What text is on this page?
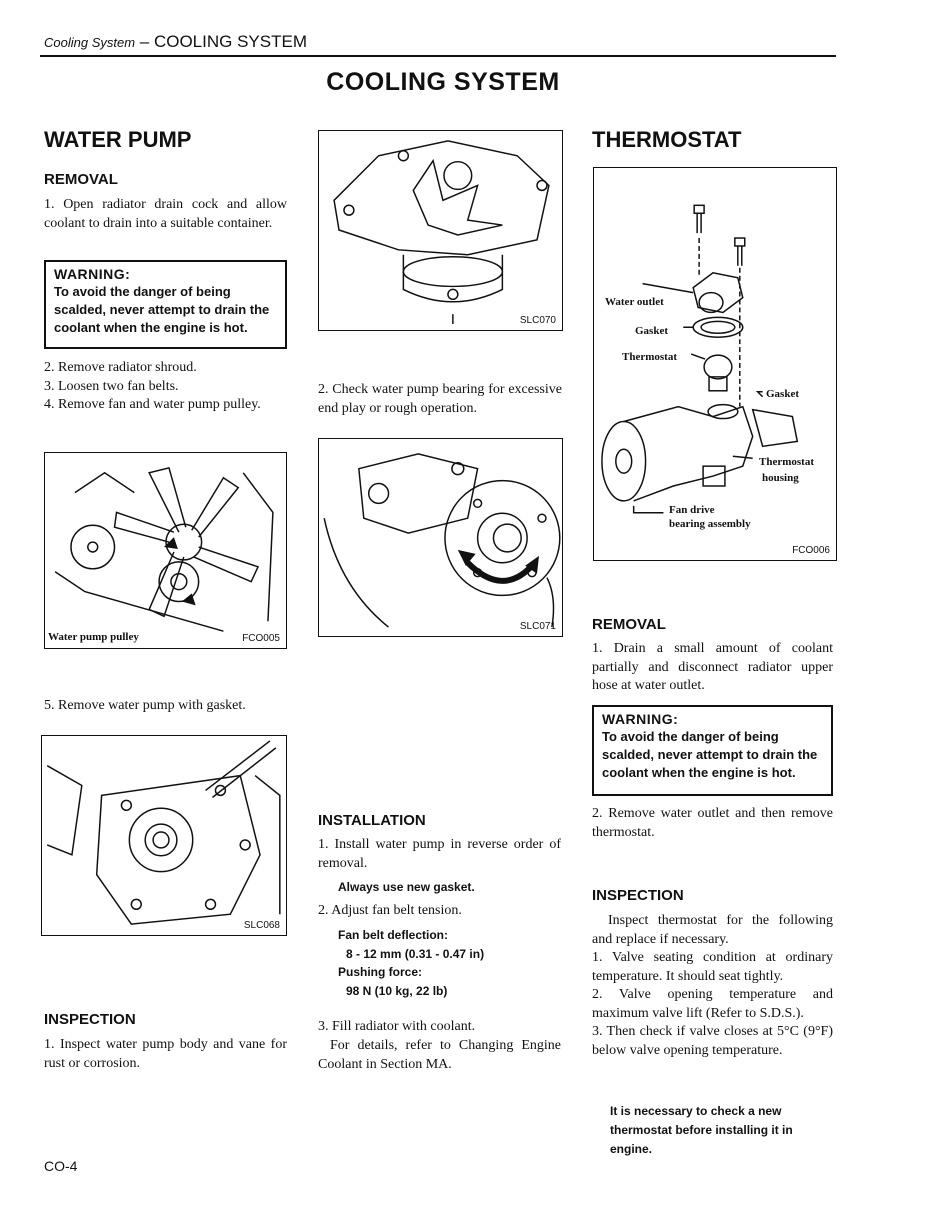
Cooling System – COOLING SYSTEM
COOLING SYSTEM
WATER PUMP
REMOVAL
1. Open radiator drain cock and allow coolant to drain into a suitable container.
WARNING:
To avoid the danger of being scalded, never attempt to drain the coolant when the engine is hot.
2. Remove radiator shroud.
3. Loosen two fan belts.
4. Remove fan and water pump pulley.
Water pump pulley	FCO005
5. Remove water pump with gasket.
SLC068
INSPECTION
1. Inspect water pump body and vane for rust or corrosion.
CO-4
SLC070
2. Check water pump bearing for excessive end play or rough operation.
SLC071
INSTALLATION
1. Install water pump in reverse order of removal.
Always use new gasket.
2. Adjust fan belt tension.
Fan belt deflection:
8 - 12 mm (0.31 - 0.47 in)
Pushing force:
98 N (10 kg, 22 lb)
3. Fill radiator with coolant.
For details, refer to Changing Engine Coolant in Section MA.
THERMOSTAT
Water outlet
Gasket
Thermostat
Gasket
Thermostat
housing
Fan drive
bearing assembly
FCO006
REMOVAL
1. Drain a small amount of coolant partially and disconnect radiator upper hose at water outlet.
WARNING:
To avoid the danger of being scalded, never attempt to drain the coolant when the engine is hot.
2. Remove water outlet and then remove thermostat.
INSPECTION
Inspect thermostat for the following and replace if necessary.
1. Valve seating condition at ordinary temperature. It should seat tightly.
2. Valve opening temperature and maximum valve lift (Refer to S.D.S.).
3. Then check if valve closes at 5°C (9°F) below valve opening temperature.
It is necessary to check a new thermostat before installing it in engine.
